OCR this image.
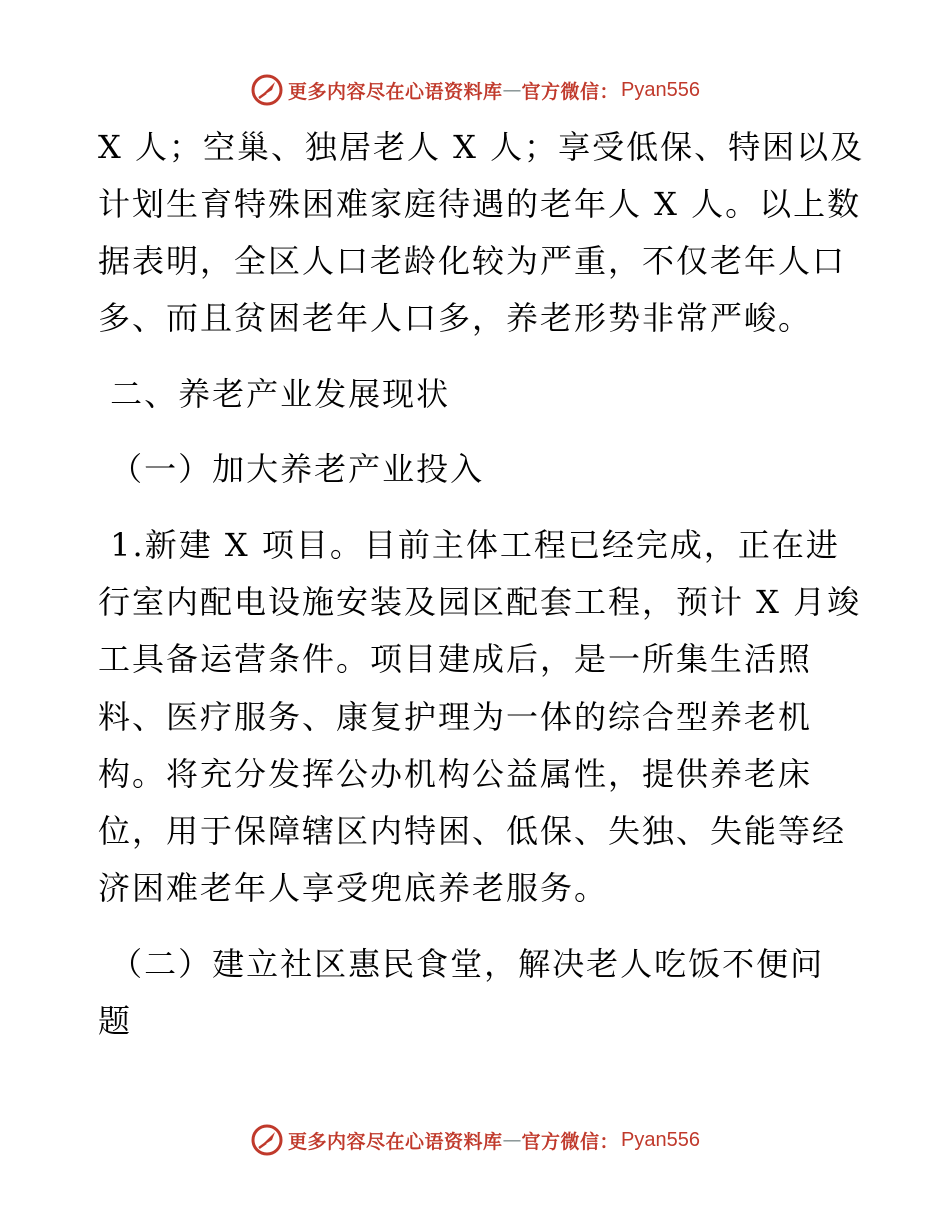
更多内容尽在心语资料库 — 官方微信： Pyan556
X 人；空巢、独居老人 X 人；享受低保、特困以及
计划生育特殊困难家庭待遇的老年人 X 人。以上数
据表明，全区人口老龄化较为严重，不仅老年人口
多、而且贫困老年人口多，养老形势非常严峻。
二、养老产业发展现状
（一）加大养老产业投入
1.新建 X 项目。目前主体工程已经完成，正在进
行室内配电设施安装及园区配套工程，预计 X 月竣
工具备运营条件。项目建成后，是一所集生活照
料、医疗服务、康复护理为一体的综合型养老机
构。将充分发挥公办机构公益属性，提供养老床
位，用于保障辖区内特困、低保、失独、失能等经
济困难老年人享受兜底养老服务。
（二）建立社区惠民食堂，解决老人吃饭不便问
题
更多内容尽在心语资料库 — 官方微信： Pyan556
